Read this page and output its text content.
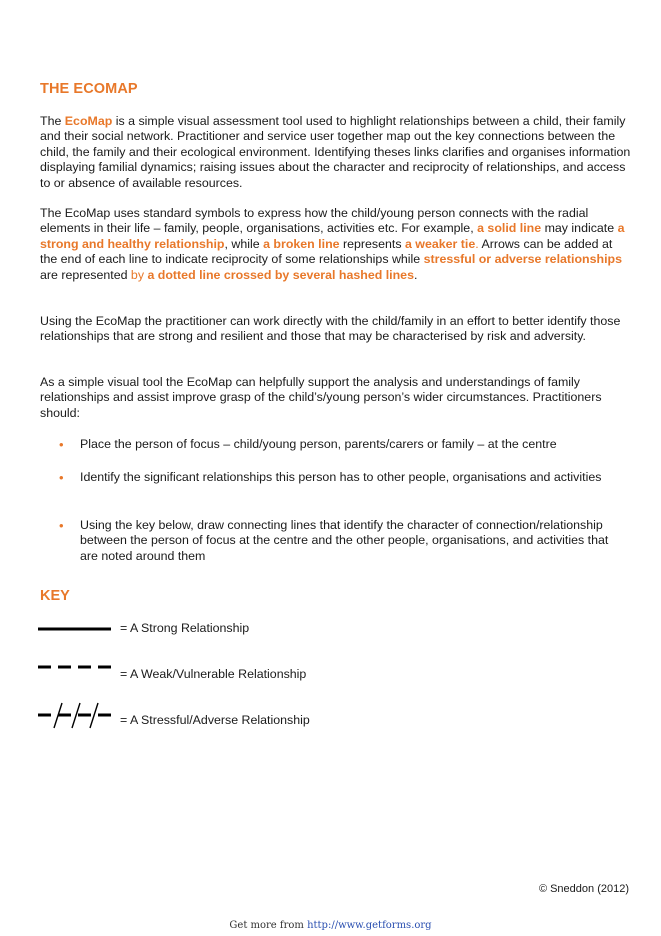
THE ECOMAP

The EcoMap is a simple visual assessment tool used to highlight relationships between a child, their family and their social network. Practitioner and service user together map out the key connections between the child, the family and their ecological environment. Identifying theses links clarifies and organises information displaying familial dynamics; raising issues about the character and reciprocity of relationships, and access to or absence of available resources.

The EcoMap uses standard symbols to express how the child/young person connects with the radial elements in their life – family, people, organisations, activities etc. For example, a solid line may indicate a strong and healthy relationship, while a broken line represents a weaker tie. Arrows can be added at the end of each line to indicate reciprocity of some relationships while stressful or adverse relationships are represented by a dotted line crossed by several hashed lines.

Using the EcoMap the practitioner can work directly with the child/family in an effort to better identify those relationships that are strong and resilient and those that may be characterised by risk and adversity.

As a simple visual tool the EcoMap can helpfully support the analysis and understandings of family relationships and assist improve grasp of the child’s/young person’s wider circumstances. Practitioners should:

• Place the person of focus – child/young person, parents/carers or family – at the centre

• Identify the significant relationships this person has to other people, organisations and activities

• Using the key below, draw connecting lines that identify the character of connection/relationship between the person of focus at the centre and the other people, organisations, and activities that are noted around them

KEY
= A Strong Relationship
= A Weak/Vulnerable Relationship
= A Stressful/Adverse Relationship

© Sneddon (2012)

Get more from http://www.getforms.org
